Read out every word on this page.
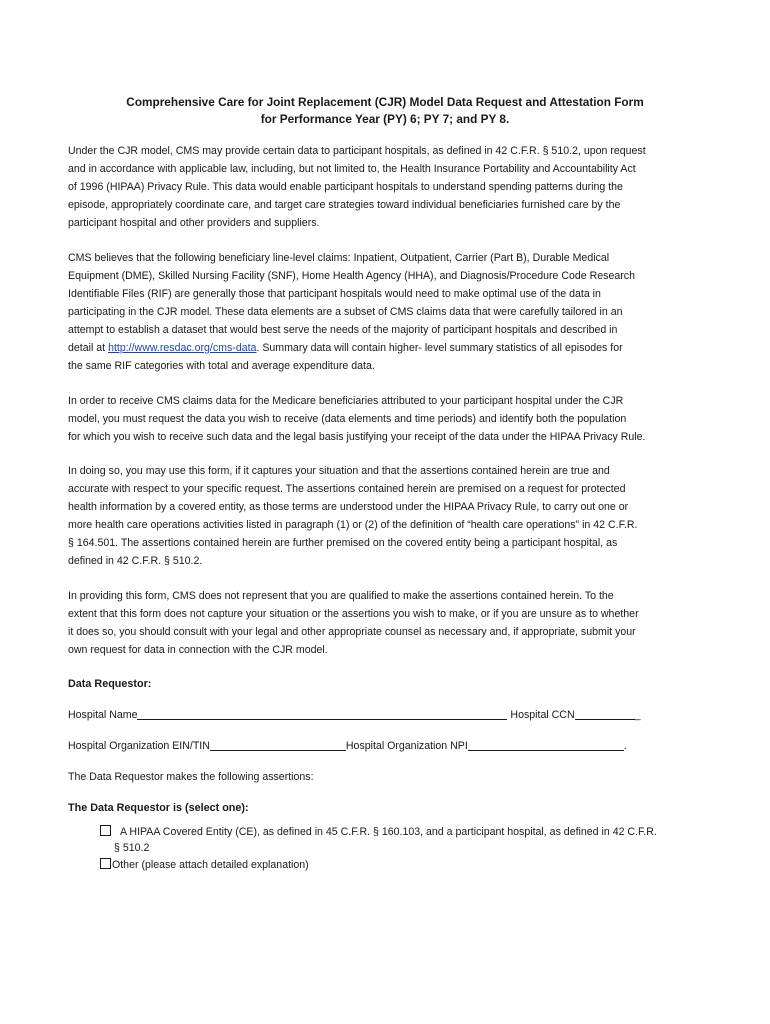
Comprehensive Care for Joint Replacement (CJR) Model Data Request and Attestation Form
for Performance Year (PY) 6; PY 7; and PY 8.

Under the CJR model, CMS may provide certain data to participant hospitals, as defined in 42 C.F.R. § 510.2, upon request
and in accordance with applicable law, including, but not limited to, the Health Insurance Portability and Accountability Act
of 1996 (HIPAA) Privacy Rule. This data would enable participant hospitals to understand spending patterns during the
episode, appropriately coordinate care, and target care strategies toward individual beneficiaries furnished care by the
participant hospital and other providers and suppliers.

CMS believes that the following beneficiary line-level claims: Inpatient, Outpatient, Carrier (Part B), Durable Medical
Equipment (DME), Skilled Nursing Facility (SNF), Home Health Agency (HHA), and Diagnosis/Procedure Code Research
Identifiable Files (RIF) are generally those that participant hospitals would need to make optimal use of the data in
participating in the CJR model. These data elements are a subset of CMS claims data that were carefully tailored in an
attempt to establish a dataset that would best serve the needs of the majority of participant hospitals and described in
detail at http://www.resdac.org/cms-data. Summary data will contain higher- level summary statistics of all episodes for
the same RIF categories with total and average expenditure data.

In order to receive CMS claims data for the Medicare beneficiaries attributed to your participant hospital under the CJR
model, you must request the data you wish to receive (data elements and time periods) and identify both the population
for which you wish to receive such data and the legal basis justifying your receipt of the data under the HIPAA Privacy Rule.

In doing so, you may use this form, if it captures your situation and that the assertions contained herein are true and
accurate with respect to your specific request. The assertions contained herein are premised on a request for protected
health information by a covered entity, as those terms are understood under the HIPAA Privacy Rule, to carry out one or
more health care operations activities listed in paragraph (1) or (2) of the definition of “health care operations” in 42 C.F.R.
§ 164.501. The assertions contained herein are further premised on the covered entity being a participant hospital, as
defined in 42 C.F.R. § 510.2.

In providing this form, CMS does not represent that you are qualified to make the assertions contained herein. To the
extent that this form does not capture your situation or the assertions you wish to make, or if you are unsure as to whether
it does so, you should consult with your legal and other appropriate counsel as necessary and, if appropriate, submit your
own request for data in connection with the CJR model.

Data Requestor:
Hospital Name	Hospital CCN	_
Hospital Organization EIN/TIN	Hospital Organization NPI	.
The Data Requestor makes the following assertions:
The Data Requestor is (select one):
A HIPAA Covered Entity (CE), as defined in 45 C.F.R. § 160.103, and a participant hospital, as defined in 42 C.F.R.
§ 510.2
Other (please attach detailed explanation)
